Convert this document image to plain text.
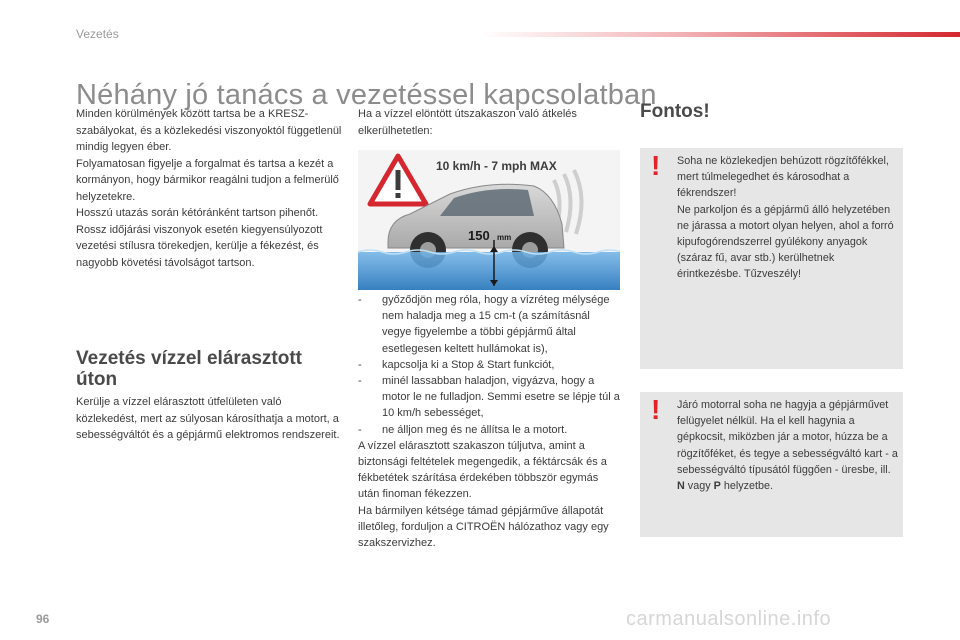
Vezetés
Néhány jó tanács a vezetéssel kapcsolatban

Minden körülmények között tartsa be a KRESZ-szabályokat, és a közlekedési viszonyoktól függetlenül mindig legyen éber.

Folyamatosan figyelje a forgalmat és tartsa a kezét a kormányon, hogy bármikor reagálni tudjon a felmerülő helyzetekre.

Hosszú utazás során kétóránként tartson pihenőt.

Rossz időjárási viszonyok esetén kiegyensúlyozott vezetési stílusra törekedjen, kerülje a fékezést, és nagyobb követési távolságot tartson.

Vezetés vízzel elárasztott úton

Kerülje a vízzel elárasztott útfelületen való közlekedést, mert az súlyosan károsíthatja a motort, a sebességváltót és a gépjármű elektromos rendszereit.

Ha a vízzel elöntött útszakaszon való átkelés elkerülhetetlen:

10 km/h - 7 mph MAX
150 mm
- győződjön meg róla, hogy a vízréteg mélysége nem haladja meg a 15 cm-t (a számításnál vegye figyelembe a többi gépjármű által esetlegesen keltett hullámokat is),
- kapcsolja ki a Stop & Start funkciót,
- minél lassabban haladjon, vigyázva, hogy a motor le ne fulladjon. Semmi esetre se lépje túl a 10 km/h sebességet,
- ne álljon meg és ne állítsa le a motort.

A vízzel elárasztott szakaszon túljutva, amint a biztonsági feltételek megengedik, a féktárcsák és a fékbetétek szárítása érdekében többször egymás után finoman fékezzen.

Ha bármilyen kétsége támad gépjárműve állapotát illetőleg, forduljon a CITROËN hálózathoz vagy egy szakszervizhez.

Fontos!
! Soha ne közlekedjen behúzott rögzítőfékkel, mert túlmelegedhet és károsodhat a fékrendszer!

Ne parkoljon és a gépjármű álló helyzetében ne járassa a motort olyan helyen, ahol a forró kipufogórendszerrel gyúlékony anyagok (száraz fű, avar stb.) kerülhetnek érintkezésbe. Tűzveszély!

! Járó motorral soha ne hagyja a gépjárművet felügyelet nélkül. Ha el kell hagynia a gépkocsit, miközben jár a motor, húzza be a rögzítőféket, és tegye a sebességváltó kart - a sebességváltó típusától függően - üresbe, ill. N vagy P helyzetbe.

96	carmanualsonline.info
